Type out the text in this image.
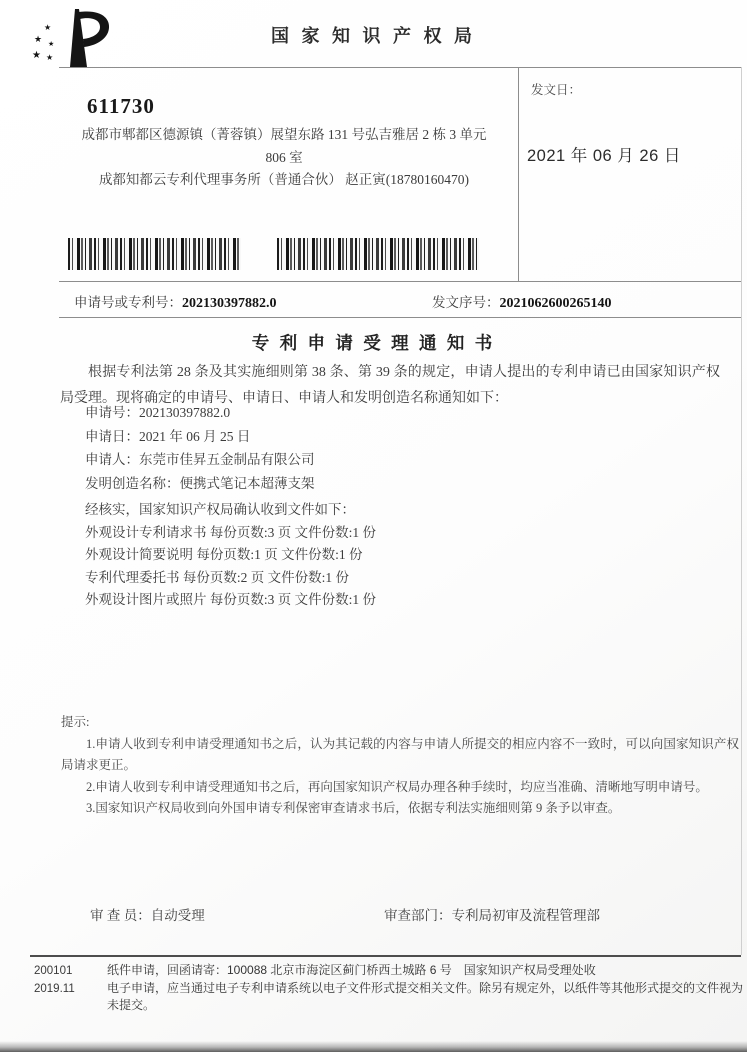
★
★ ★
★ ★
国 家 知 识 产 权 局
发文日：
2021 年 06 月 26 日
611730
成都市郫都区德源镇（菁蓉镇）展望东路 131 号弘吉雅居 2 栋 3 单元
806 室
成都知都云专利代理事务所（普通合伙） 赵正寅(18780160470)
申请号或专利号：202130397882.0	发文序号：2021062600265140
专 利 申 请 受 理 通 知 书
根据专利法第 28 条及其实施细则第 38 条、第 39 条的规定，申请人提出的专利申请已由国家知识产权局受理。现将确定的申请号、申请日、申请人和发明创造名称通知如下：
申请号：202130397882.0
申请日：2021 年 06 月 25 日
申请人：东莞市佳昇五金制品有限公司
发明创造名称：便携式笔记本超薄支架
经核实，国家知识产权局确认收到文件如下：
外观设计专利请求书 每份页数:3 页 文件份数:1 份
外观设计简要说明 每份页数:1 页 文件份数:1 份
专利代理委托书 每份页数:2 页 文件份数:1 份
外观设计图片或照片 每份页数:3 页 文件份数:1 份
提示:
1.申请人收到专利申请受理通知书之后，认为其记载的内容与申请人所提交的相应内容不一致时，可以向国家知识产权局请求更正。
2.申请人收到专利申请受理通知书之后，再向国家知识产权局办理各种手续时，均应当准确、清晰地写明申请号。
3.国家知识产权局收到向外国申请专利保密审查请求书后，依据专利法实施细则第 9 条予以审查。
审 查 员：自动受理	审查部门：专利局初审及流程管理部
200101
2019.11
纸件申请，回函请寄：100088 北京市海淀区蓟门桥西土城路 6 号　国家知识产权局受理处收
电子申请，应当通过电子专利申请系统以电子文件形式提交相关文件。除另有规定外，以纸件等其他形式提交的文件视为未提交。
